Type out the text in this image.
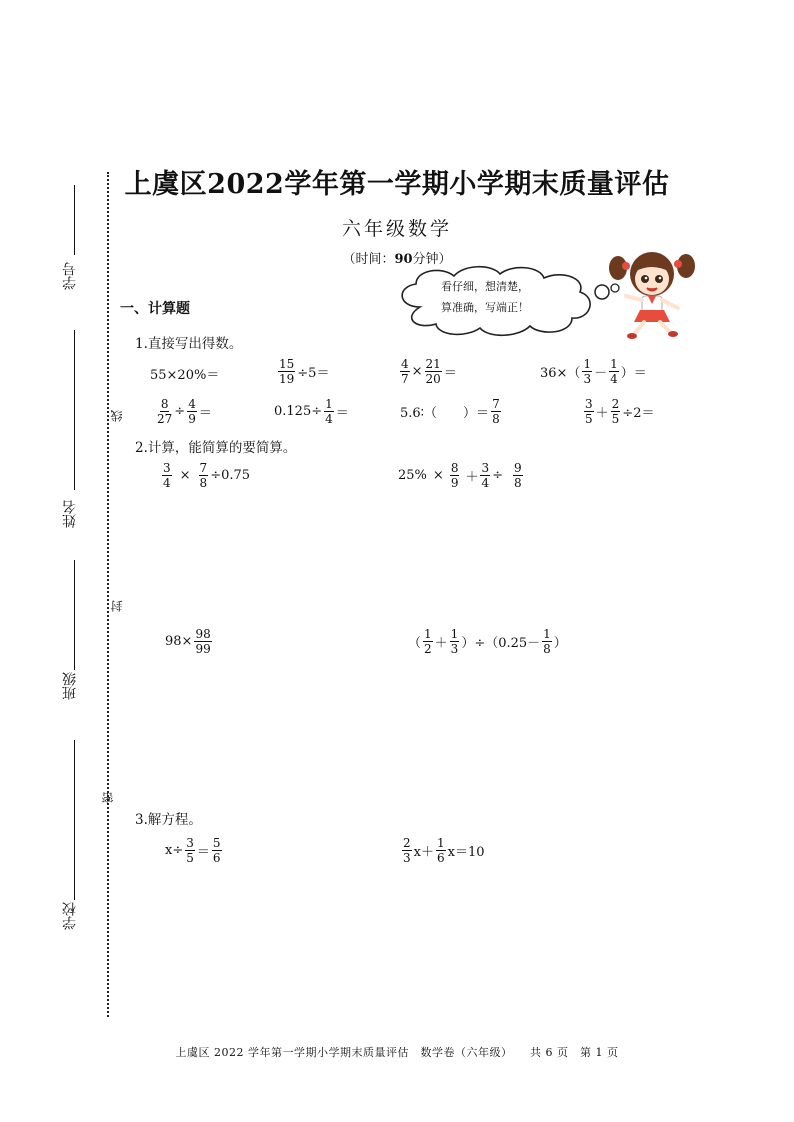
学号
姓名
班级
学校
线
封
密
上虞区2022学年第一学期小学期末质量评估
六年级数学
（时间：90分钟）
看仔细，想清楚，
算准确，写端正！
一、计算题
1.直接写出得数。
55×20%＝	$\frac{15}{19} \div 5=$	$\frac{4}{7} \times \frac{21}{20}$ ＝	$36\times( \frac{1}{3} - \frac{1}{4}$ ）＝
$\frac{8}{27} \div \frac{4}{9}$ ＝	$0.125\div \frac{1}{4}$ ＝	5.6∶（　　）＝ $\frac{7}{8}$	$\frac{3}{5} + \frac{2}{5} \div 2=$
2.计算，能简算的要简算。
$\frac{3}{4} \times \frac{7}{8} \div 0.75$	$25\% \times \frac{8}{9} + \frac{3}{4} \div \frac{9}{8}$
$98\times \frac{98}{99}$	（ $\frac{1}{2} + \frac{1}{3} )\div(0.25- \frac{1}{8}$ ）
3.解方程。
$x\div \frac{3}{5} = \frac{5}{6}$	$\frac{2}{3} x+ \frac{1}{6} x=10$
上虞区 2022 学年第一学期小学期末质量评估　数学卷（六年级）　　共 6 页　第 1 页
